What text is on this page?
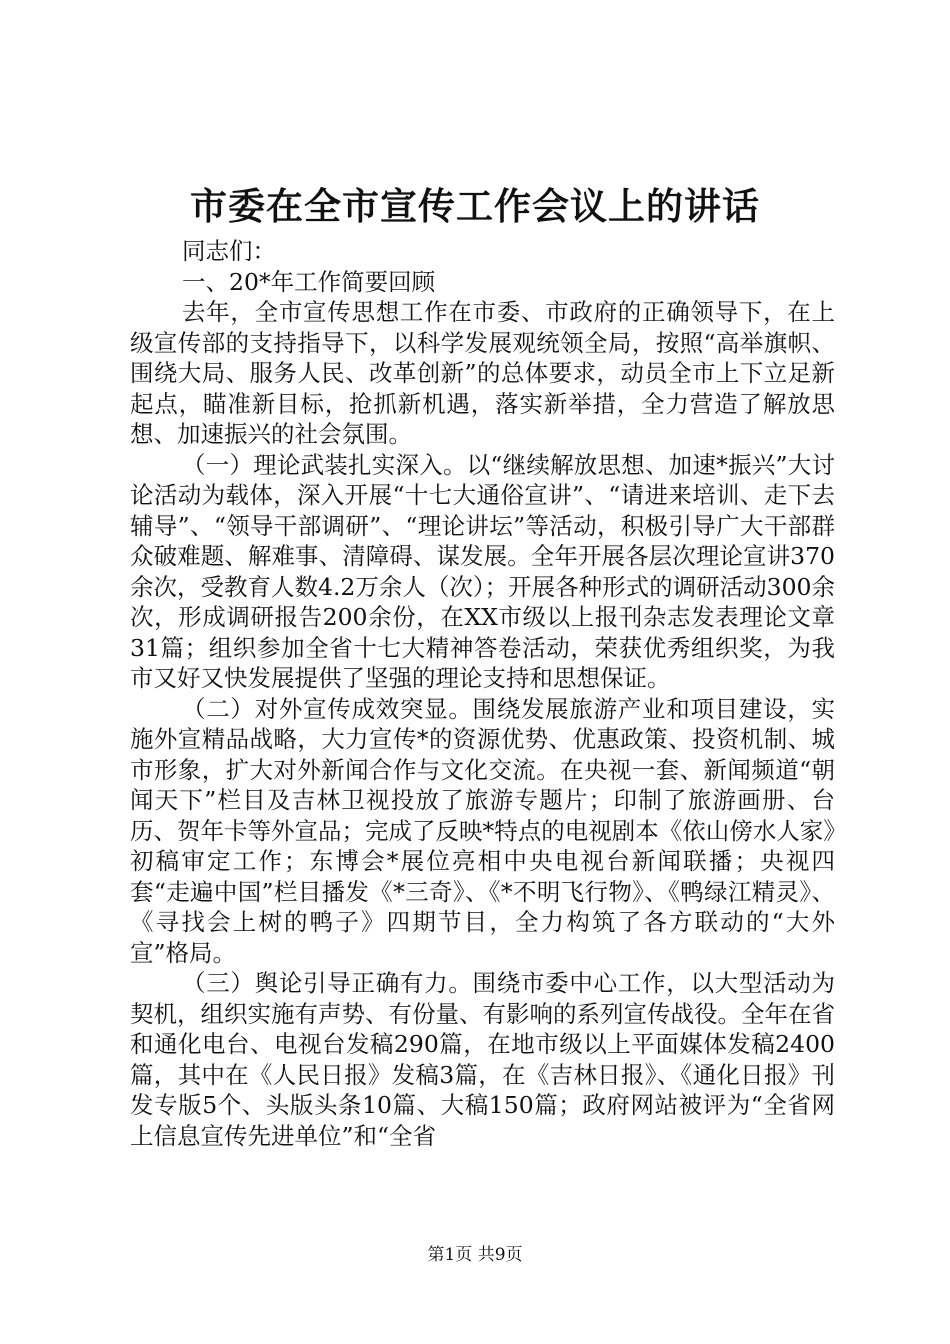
市委在全市宣传工作会议上的讲话

同志们：

一、20*年工作简要回顾

去年，全市宣传思想工作在市委、市政府的正确领导下，在上级宣传部的支持指导下，以科学发展观统领全局，按照“高举旗帜、围绕大局、服务人民、改革创新”的总体要求，动员全市上下立足新起点，瞄准新目标，抢抓新机遇，落实新举措，全力营造了解放思想、加速振兴的社会氛围。

（一）理论武装扎实深入。以“继续解放思想、加速*振兴”大讨论活动为载体，深入开展“十七大通俗宣讲”、“请进来培训、走下去辅导”、“领导干部调研”、“理论讲坛”等活动，积极引导广大干部群众破难题、解难事、清障碍、谋发展。全年开展各层次理论宣讲370余次，受教育人数4.2万余人（次）；开展各种形式的调研活动300余次，形成调研报告200余份，在XX市级以上报刊杂志发表理论文章31篇；组织参加全省十七大精神答卷活动，荣获优秀组织奖，为我市又好又快发展提供了坚强的理论支持和思想保证。

（二）对外宣传成效突显。围绕发展旅游产业和项目建设，实施外宣精品战略，大力宣传*的资源优势、优惠政策、投资机制、城市形象，扩大对外新闻合作与文化交流。在央视一套、新闻频道“朝闻天下”栏目及吉林卫视投放了旅游专题片；印制了旅游画册、台历、贺年卡等外宣品；完成了反映*特点的电视剧本《依山傍水人家》初稿审定工作；东博会*展位亮相中央电视台新闻联播；央视四套“走遍中国”栏目播发《*三奇》、《*不明飞行物》、《鸭绿江精灵》、《寻找会上树的鸭子》四期节目，全力构筑了各方联动的“大外宣”格局。

（三）舆论引导正确有力。围绕市委中心工作，以大型活动为契机，组织实施有声势、有份量、有影响的系列宣传战役。全年在省和通化电台、电视台发稿290篇，在地市级以上平面媒体发稿2400篇，其中在《人民日报》发稿3篇，在《吉林日报》、《通化日报》刊发专版5个、头版头条10篇、大稿150篇；政府网站被评为“全省网上信息宣传先进单位”和“全省

第1页 共9页
